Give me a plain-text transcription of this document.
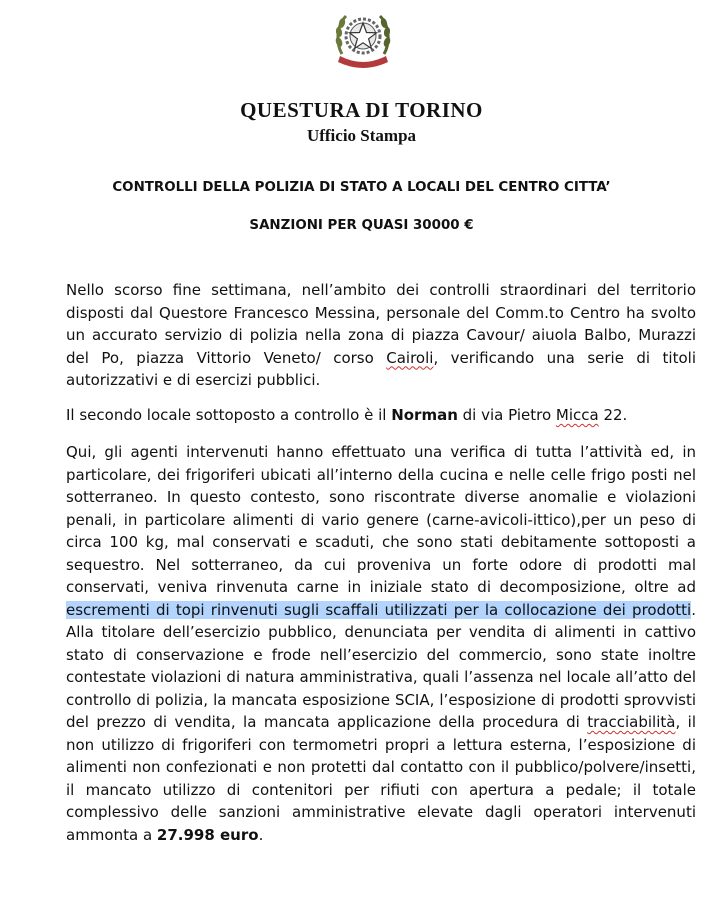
QUESTURA DI TORINO
Ufficio Stampa
CONTROLLI DELLA POLIZIA DI STATO A LOCALI DEL CENTRO CITTA’
SANZIONI PER QUASI 30000 €
Nello scorso fine settimana, nell’ambito dei controlli straordinari del territorio disposti dal Questore Francesco Messina, personale del Comm.to Centro ha svolto un accurato servizio di polizia nella zona di piazza Cavour/ aiuola Balbo, Murazzi del Po, piazza Vittorio Veneto/ corso Cairoli, verificando una serie di titoli autorizzativi e di esercizi pubblici.
Il secondo locale sottoposto a controllo è il Norman di via Pietro Micca 22.
Qui, gli agenti intervenuti hanno effettuato una verifica di tutta l’attività ed, in particolare, dei frigoriferi ubicati all’interno della cucina e nelle celle frigo posti nel sotterraneo. In questo contesto, sono riscontrate diverse anomalie e violazioni penali, in particolare alimenti di vario genere (carne-avicoli-ittico),per un peso di circa 100 kg, mal conservati e scaduti, che sono stati debitamente sottoposti a sequestro. Nel sotterraneo, da cui proveniva un forte odore di prodotti mal conservati, veniva rinvenuta carne in iniziale stato di decomposizione, oltre ad escrementi di topi rinvenuti sugli scaffali utilizzati per la collocazione dei prodotti. Alla titolare dell’esercizio pubblico, denunciata per vendita di alimenti in cattivo stato di conservazione e frode nell’esercizio del commercio, sono state inoltre contestate violazioni di natura amministrativa, quali l’assenza nel locale all’atto del controllo di polizia, la mancata esposizione SCIA, l’esposizione di prodotti sprovvisti del prezzo di vendita, la mancata applicazione della procedura di tracciabilità, il non utilizzo di frigoriferi con termometri propri a lettura esterna, l’esposizione di alimenti non confezionati e non protetti dal contatto con il pubblico/polvere/insetti, il mancato utilizzo di contenitori per rifiuti con apertura a pedale; il totale complessivo delle sanzioni amministrative elevate dagli operatori intervenuti ammonta a 27.998 euro.
